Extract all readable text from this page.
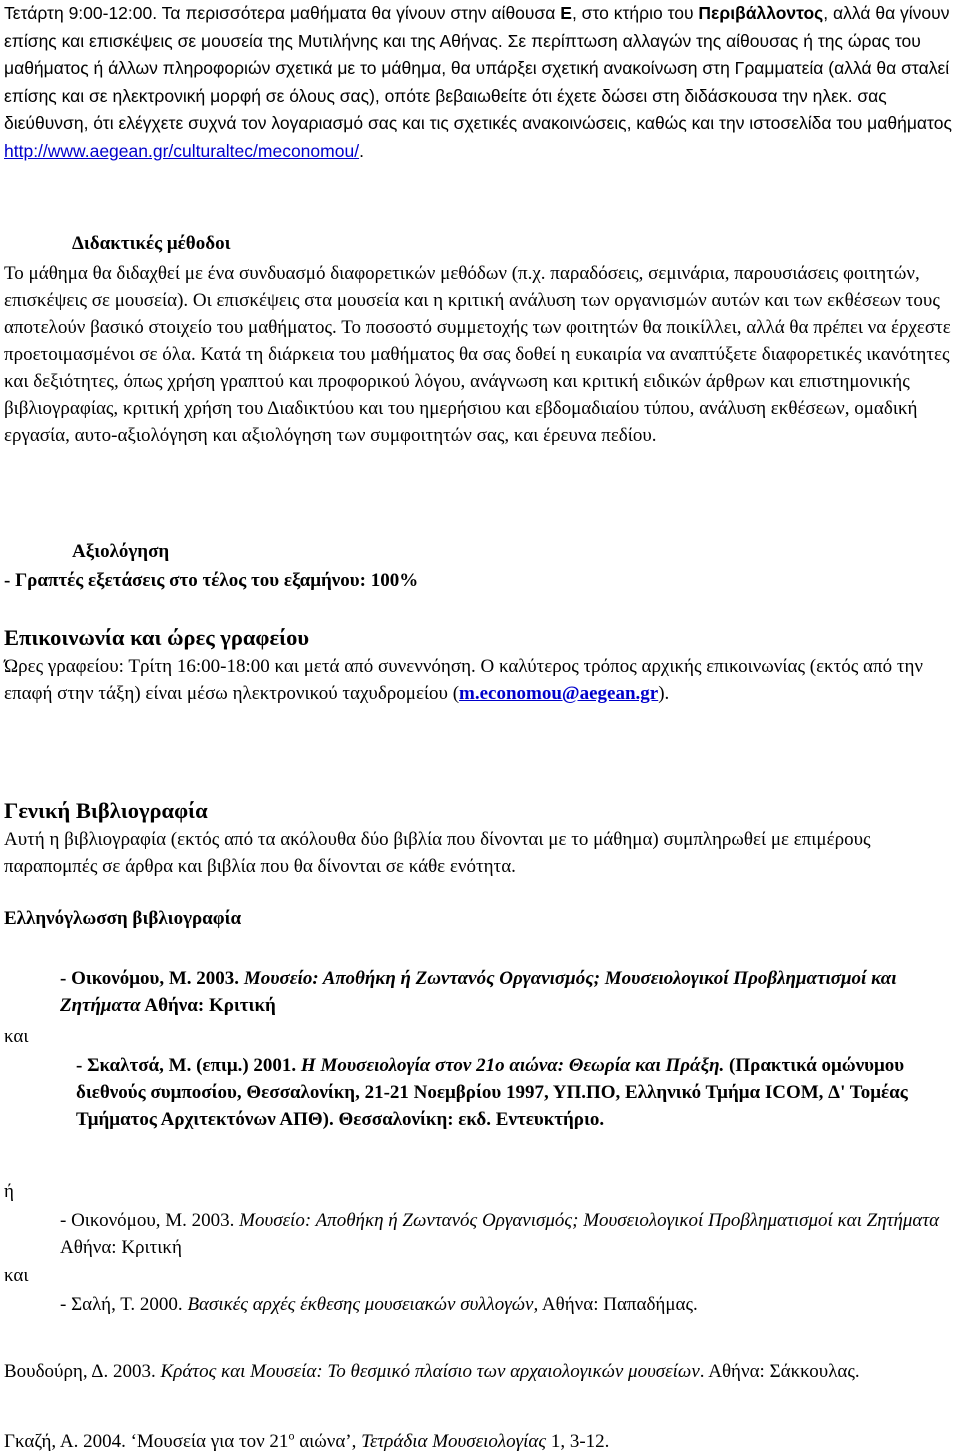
Τετάρτη 9:00-12:00. Τα περισσότερα μαθήματα θα γίνουν στην αίθουσα Ε, στο κτήριο του Περιβάλλοντος, αλλά θα γίνουν επίσης και επισκέψεις σε μουσεία της Μυτιλήνης και της Αθήνας. Σε περίπτωση αλλαγών της αίθουσας ή της ώρας του μαθήματος ή άλλων πληροφοριών σχετικά με το μάθημα, θα υπάρξει σχετική ανακοίνωση στη Γραμματεία (αλλά θα σταλεί επίσης και σε ηλεκτρονική μορφή σε όλους σας), οπότε βεβαιωθείτε ότι έχετε δώσει στη διδάσκουσα την ηλεκ. σας διεύθυνση, ότι ελέγχετε συχνά τον λογαριασμό σας και τις σχετικές ανακοινώσεις, καθώς και την ιστοσελίδα του μαθήματος http://www.aegean.gr/culturaltec/meconomou/.

Διδακτικές μέθοδοι

Το μάθημα θα διδαχθεί με ένα συνδυασμό διαφορετικών μεθόδων (π.χ. παραδόσεις, σεμινάρια, παρουσιάσεις φοιτητών, επισκέψεις σε μουσεία). Οι επισκέψεις στα μουσεία και η κριτική ανάλυση των οργανισμών αυτών και των εκθέσεων τους αποτελούν βασικό στοιχείο του μαθήματος. Το ποσοστό συμμετοχής των φοιτητών θα ποικίλλει, αλλά θα πρέπει να έρχεστε προετοιμασμένοι σε όλα. Κατά τη διάρκεια του μαθήματος θα σας δοθεί η ευκαιρία να αναπτύξετε διαφορετικές ικανότητες και δεξιότητες, όπως χρήση γραπτού και προφορικού λόγου, ανάγνωση και κριτική ειδικών άρθρων και επιστημονικής βιβλιογραφίας, κριτική χρήση του Διαδικτύου και του ημερήσιου και εβδομαδιαίου τύπου, ανάλυση εκθέσεων, ομαδική εργασία, αυτο-αξιολόγηση και αξιολόγηση των συμφοιτητών σας, και έρευνα πεδίου.

Αξιολόγηση

- Γραπτές εξετάσεις στο τέλος του εξαμήνου: 100%

Επικοινωνία και ώρες γραφείου

Ώρες γραφείου: Τρίτη 16:00-18:00 και μετά από συνεννόηση. Ο καλύτερος τρόπος αρχικής επικοινωνίας (εκτός από την επαφή στην τάξη) είναι μέσω ηλεκτρονικού ταχυδρομείου (m.economou@aegean.gr).

Γενική Βιβλιογραφία

Αυτή η βιβλιογραφία (εκτός από τα ακόλουθα δύο βιβλία που δίνονται με το μάθημα) συμπληρωθεί με επιμέρους παραπομπές σε άρθρα και βιβλία που θα δίνονται σε κάθε ενότητα.

Ελληνόγλωσση βιβλιογραφία

- Οικονόμου, Μ. 2003. Μουσείο: Αποθήκη ή Ζωντανός Οργανισμός; Μουσειολογικοί Προβληματισμοί και Ζητήματα Αθήνα: Κριτική

και

- Σκαλτσά, Μ. (επιμ.) 2001. Η Μουσειολογία στον 21ο αιώνα: Θεωρία και Πράξη. (Πρακτικά ομώνυμου διεθνούς συμποσίου, Θεσσαλονίκη, 21-21 Νοεμβρίου 1997, ΥΠ.ΠΟ, Ελληνικό Τμήμα ICOM, Δ' Τομέας Τμήματος Αρχιτεκτόνων ΑΠΘ). Θεσσαλονίκη: εκδ. Εντευκτήριο.

ή

- Οικονόμου, Μ. 2003. Μουσείο: Αποθήκη ή Ζωντανός Οργανισμός; Μουσειολογικοί Προβληματισμοί και Ζητήματα Αθήνα: Κριτική

και

- Σαλή, Τ. 2000. Βασικές αρχές έκθεσης μουσειακών συλλογών, Αθήνα: Παπαδήμας.

Βουδούρη, Δ. 2003. Κράτος και Μουσεία: Το θεσμικό πλαίσιο των αρχαιολογικών μουσείων. Αθήνα: Σάκκουλας.

Γκαζή, Α. 2004. ‘Μουσεία για τον $21^o$ αιώνα’, Τετράδια Μουσειολογίας 1, 3-12.
